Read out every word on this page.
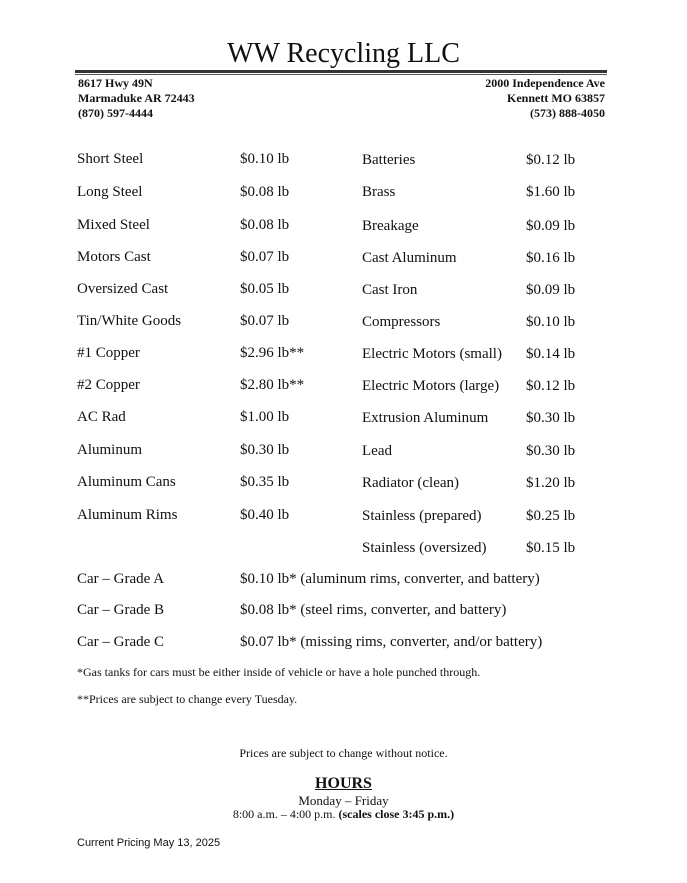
WW Recycling LLC
8617 Hwy 49N
Marmaduke AR 72443
(870) 597-4444
2000 Independence Ave
Kennett MO 63857
(573) 888-4050
Short Steel	$0.10 lb
Long Steel	$0.08 lb
Mixed Steel	$0.08 lb
Motors Cast	$0.07 lb
Oversized Cast	$0.05 lb
Tin/White Goods	$0.07 lb
#1 Copper	$2.96 lb**
#2 Copper	$2.80 lb**
AC Rad	$1.00 lb
Aluminum	$0.30 lb
Aluminum Cans	$0.35 lb
Aluminum Rims	$0.40 lb
Batteries	$0.12 lb
Brass	$1.60 lb
Breakage	$0.09 lb
Cast Aluminum	$0.16 lb
Cast Iron	$0.09 lb
Compressors	$0.10 lb
Electric Motors (small) $0.14 lb
Electric Motors (large) $0.12 lb
Extrusion Aluminum	$0.30 lb
Lead	$0.30 lb
Radiator (clean)	$1.20 lb
Stainless (prepared)	$0.25 lb
Stainless (oversized)	$0.15 lb
Car – Grade A	$0.10 lb* (aluminum rims, converter, and battery)
Car – Grade B	$0.08 lb* (steel rims, converter, and battery)
Car – Grade C	$0.07 lb* (missing rims, converter, and/or battery)
*Gas tanks for cars must be either inside of vehicle or have a hole punched through.
**Prices are subject to change every Tuesday.
Prices are subject to change without notice.
HOURS
Monday – Friday
8:00 a.m. – 4:00 p.m. (scales close 3:45 p.m.)
Current Pricing May 13, 2025
